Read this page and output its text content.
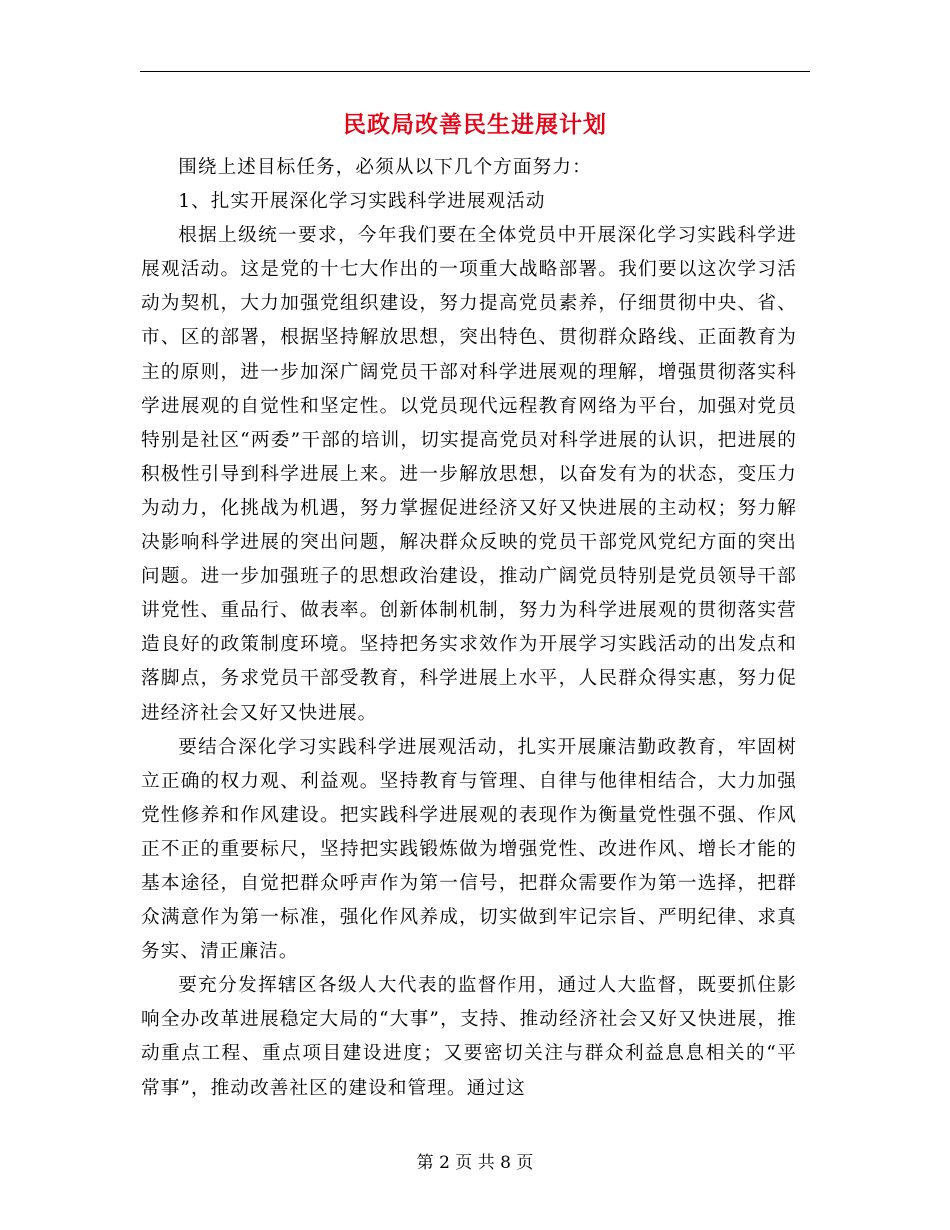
民政局改善民生进展计划

围绕上述目标任务，必须从以下几个方面努力：

1、扎实开展深化学习实践科学进展观活动

根据上级统一要求，今年我们要在全体党员中开展深化学习实践科学进展观活动。这是党的十七大作出的一项重大战略部署。我们要以这次学习活动为契机，大力加强党组织建设，努力提高党员素养，仔细贯彻中央、省、市、区的部署，根据坚持解放思想，突出特色、贯彻群众路线、正面教育为主的原则，进一步加深广阔党员干部对科学进展观的理解，增强贯彻落实科学进展观的自觉性和坚定性。以党员现代远程教育网络为平台，加强对党员特别是社区“两委”干部的培训，切实提高党员对科学进展的认识，把进展的积极性引导到科学进展上来。进一步解放思想，以奋发有为的状态，变压力为动力，化挑战为机遇，努力掌握促进经济又好又快进展的主动权；努力解决影响科学进展的突出问题，解决群众反映的党员干部党风党纪方面的突出问题。进一步加强班子的思想政治建设，推动广阔党员特别是党员领导干部讲党性、重品行、做表率。创新体制机制，努力为科学进展观的贯彻落实营造良好的政策制度环境。坚持把务实求效作为开展学习实践活动的出发点和落脚点，务求党员干部受教育，科学进展上水平，人民群众得实惠，努力促进经济社会又好又快进展。

要结合深化学习实践科学进展观活动，扎实开展廉洁勤政教育，牢固树立正确的权力观、利益观。坚持教育与管理、自律与他律相结合，大力加强党性修养和作风建设。把实践科学进展观的表现作为衡量党性强不强、作风正不正的重要标尺，坚持把实践锻炼做为增强党性、改进作风、增长才能的基本途径，自觉把群众呼声作为第一信号，把群众需要作为第一选择，把群众满意作为第一标准，强化作风养成，切实做到牢记宗旨、严明纪律、求真务实、清正廉洁。

要充分发挥辖区各级人大代表的监督作用，通过人大监督，既要抓住影响全办改革进展稳定大局的“大事”，支持、推动经济社会又好又快进展，推动重点工程、重点项目建设进度；又要密切关注与群众利益息息相关的“平常事”，推动改善社区的建设和管理。通过这

第 2 页 共 8 页
